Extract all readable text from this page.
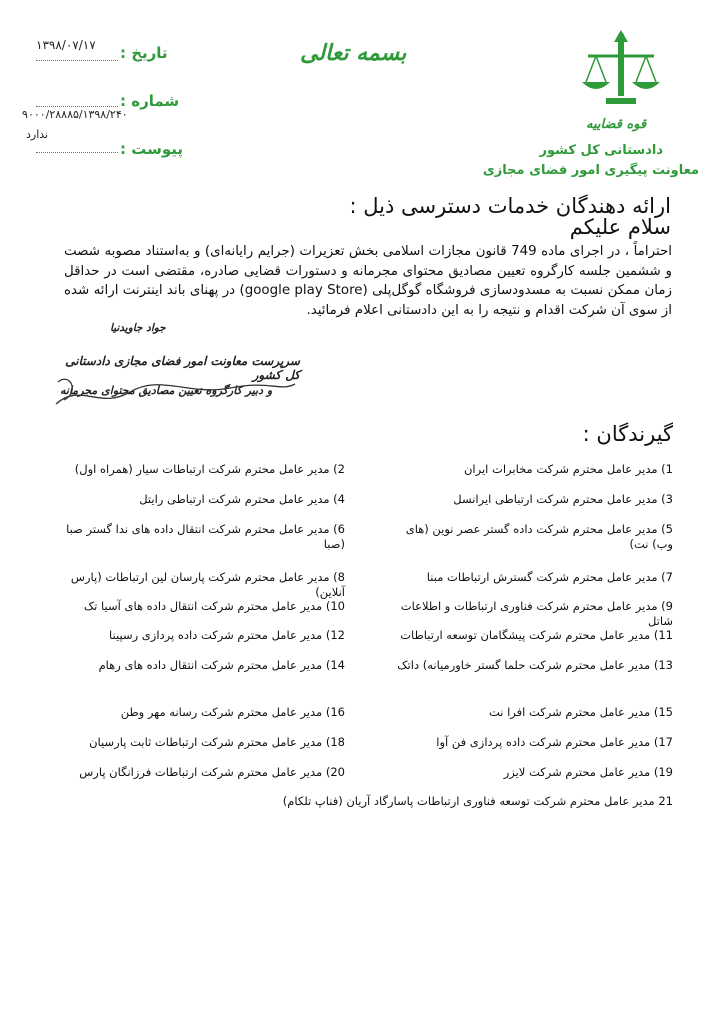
تاریخ :
۱۳۹۸/۰۷/۱۷
شماره :
۹۰۰۰/۲۸۸۸۵/۱۳۹۸/۲۴۰
پیوست :
ندارد
بسمه تعالی
قوه قضاییه
دادستانی کل کشور
معاونت پیگیری امور فضای مجازی
ارائه دهندگان خدمات دسترسی ذیل :
سلام علیکم
احتراماً ، در اجرای ماده 749 قانون مجازات اسلامی بخش تعزیرات (جرایم رایانه‌ای) و به‌استناد مصوبه شصت و ششمین جلسه کارگروه تعیین مصادیق محتوای مجرمانه و دستورات قضایی صادره، مقتضی است در حداقل زمان ممکن نسبت به مسدودسازی فروشگاه گوگل‌پلی (google play Store) در پهنای باند اینترنت ارائه شده از سوی آن شرکت اقدام و نتیجه را به این دادستانی اعلام فرمائید.
جواد جاویدنیا
سرپرست معاونت امور فضای مجازی دادستانی کل کشور
و دبیر کارگروه تعیین مصادیق محتوای مجرمانه
گیرندگان :
1) مدیر عامل محترم شرکت مخابرات ایران
2) مدیر عامل محترم شرکت ارتباطات سیار (همراه اول)
3) مدیر عامل محترم شرکت ارتباطی ایرانسل
4) مدیر عامل محترم شرکت ارتباطی رایتل
5) مدیر عامل محترم شرکت داده گستر عصر نوین (های وب) نت)
6) مدیر عامل محترم شرکت انتقال داده های ندا گستر صبا (صبا
7) مدیر عامل محترم شرکت گسترش ارتباطات مبنا
8) مدیر عامل محترم شرکت پارسان لین ارتباطات (پارس آنلاین)
9) مدیر عامل محترم شرکت فناوری ارتباطات و اطلاعات شاتل
10) مدیر عامل محترم شرکت انتقال داده های آسیا تک
11) مدیر عامل محترم شرکت پیشگامان توسعه ارتباطات
12) مدیر عامل محترم شرکت داده پردازی رسپینا
13) مدیر عامل محترم شرکت حلما گستر خاورمیانه) داتک
14) مدیر عامل محترم شرکت انتقال داده های رهام
15) مدیر عامل محترم شرکت افرا نت
16) مدیر عامل محترم شرکت رسانه مهر وطن
17) مدیر عامل محترم شرکت داده پردازی فن آوا
18) مدیر عامل محترم شرکت ارتباطات ثابت پارسیان
19) مدیر عامل محترم شرکت لایزر
20) مدیر عامل محترم شرکت ارتباطات فرزانگان پارس
21 مدیر عامل محترم شرکت توسعه فناوری ارتباطات پاسارگاد آریان (فناپ تلکام)
